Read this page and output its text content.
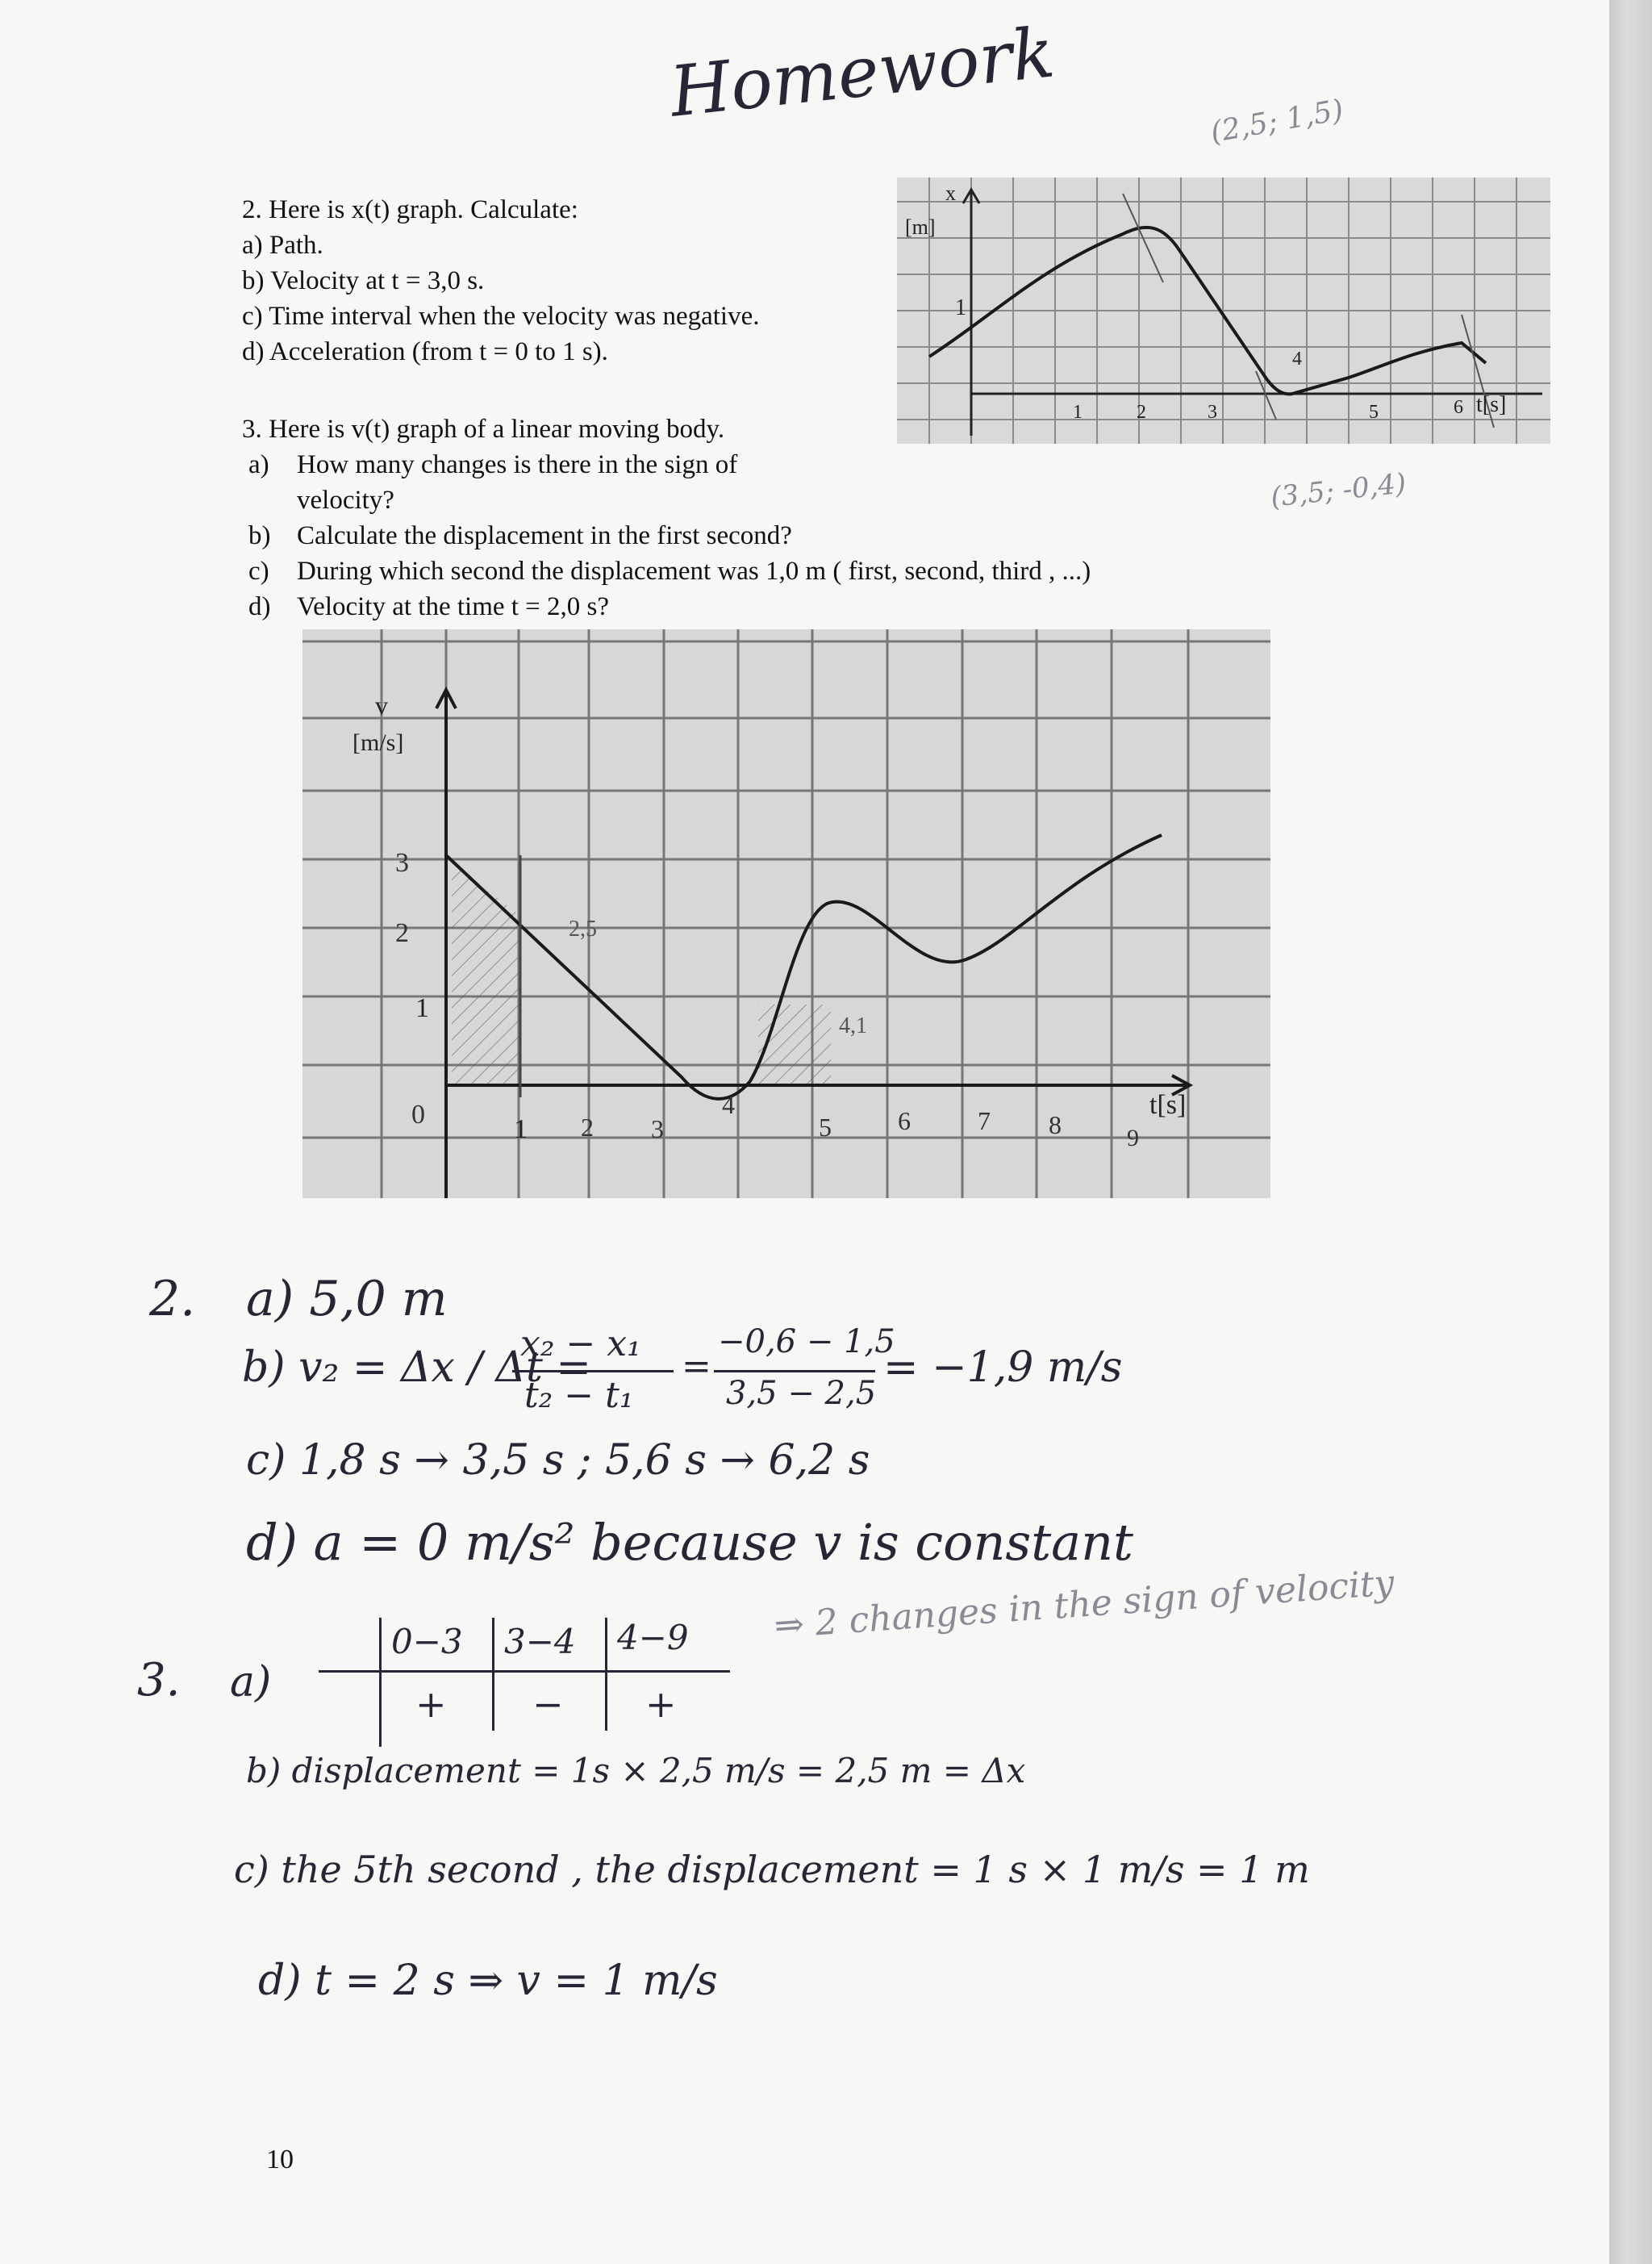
Homework
2. Here is x(t) graph. Calculate:
a) Path.
b) Velocity at t = 3,0 s.
c) Time interval when the velocity was negative.
d) Acceleration (from t = 0 to 1 s).
3. Here is v(t) graph of a linear moving body.
a)	How many changes is there in the sign of
velocity?
b) Calculate the displacement in the first second?
c)	During which second the displacement was 1,0 m ( first, second, third , ...)
d) Velocity at the time t = 2,0 s?
x
[m]
1
1	2	3
4
5	6 t[s]
(2,5; 1,5)
(3,5; -0,4)
v
[m/s]
3
2
1
0	1 2 3
4
5	6	7 8	9
t[s]
2,5
4,1
2. a) 5,0 m
b) v₂ = Δx / Δt =
x₂ − x₁
t₂ − t₁
=
−0,6 − 1,5
3,5 − 2,5
= −1,9 m/s
c) 1,8 s → 3,5 s ; 5,6 s → 6,2 s
d) a = 0 m/s² because v is constant
3. a)
0−3 3−4 4−9
+ − +
⇒ 2 changes in the sign of velocity
b) displacement = 1s × 2,5 m/s = 2,5 m = Δx
c) the 5th second , the displacement = 1 s × 1 m/s = 1 m
d) t = 2 s ⇒ v = 1 m/s
10
